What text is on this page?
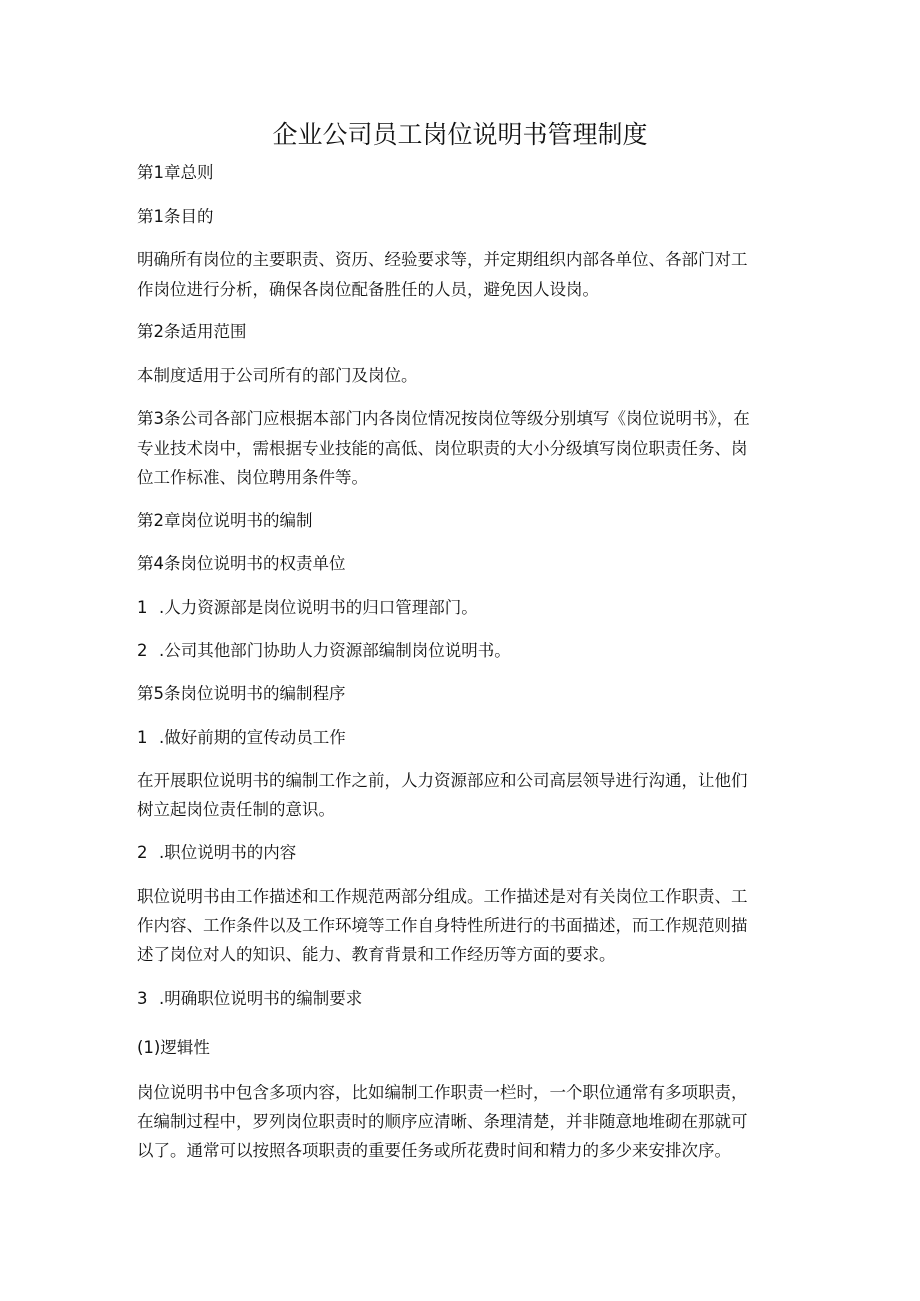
企业公司员工岗位说明书管理制度

第1章总则

第1条目的

明确所有岗位的主要职责、资历、经验要求等，并定期组织内部各单位、各部门对工

作岗位进行分析，确保各岗位配备胜任的人员，避免因人设岗。

第2条适用范围

本制度适用于公司所有的部门及岗位。

第3条公司各部门应根据本部门内各岗位情况按岗位等级分别填写《岗位说明书》，在

专业技术岗中，需根据专业技能的高低、岗位职责的大小分级填写岗位职责任务、岗

位工作标准、岗位聘用条件等。

第2章岗位说明书的编制

第4条岗位说明书的权责单位

1 .人力资源部是岗位说明书的归口管理部门。

2 .公司其他部门协助人力资源部编制岗位说明书。

第5条岗位说明书的编制程序

1 .做好前期的宣传动员工作

在开展职位说明书的编制工作之前，人力资源部应和公司高层领导进行沟通，让他们

树立起岗位责任制的意识。

2 .职位说明书的内容

职位说明书由工作描述和工作规范两部分组成。工作描述是对有关岗位工作职责、工

作内容、工作条件以及工作环境等工作自身特性所进行的书面描述，而工作规范则描

述了岗位对人的知识、能力、教育背景和工作经历等方面的要求。

3 .明确职位说明书的编制要求

(1)逻辑性

岗位说明书中包含多项内容，比如编制工作职责一栏时，一个职位通常有多项职责，

在编制过程中，罗列岗位职责时的顺序应清晰、条理清楚，并非随意地堆砌在那就可

以了。通常可以按照各项职责的重要任务或所花费时间和精力的多少来安排次序。
